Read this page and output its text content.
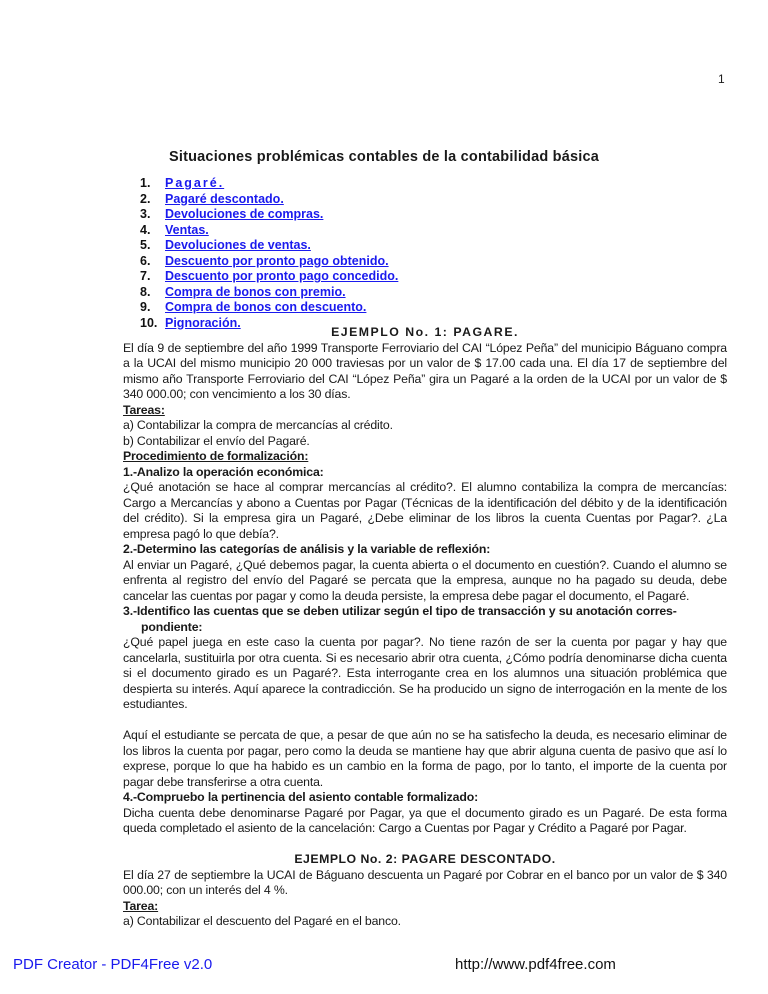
1
Situaciones problémicas contables de la contabilidad básica
1.	Pagaré.
2.	Pagaré descontado.
3.	Devoluciones de compras.
4.	Ventas.
5.	Devoluciones de ventas.
6.	Descuento por pronto pago obtenido.
7.	Descuento por pronto pago concedido.
8.	Compra de bonos con premio.
9.	Compra de bonos con descuento.
10. Pignoración.

EJEMPLO No. 1: PAGARE.

El día 9 de septiembre del año 1999 Transporte Ferroviario del CAI “López Peña” del municipio Báguano compra a la UCAI del mismo municipio 20 000 traviesas por un valor de $ 17.00 cada una. El día 17 de septiembre del mismo año Transporte Ferroviario del CAI “López Peña” gira un Pagaré a la orden de la UCAI por un valor de $ 340 000.00; con vencimiento a los 30 días.

Tareas:

a) Contabilizar la compra de mercancías al crédito.

b) Contabilizar el envío del Pagaré.

Procedimiento de formalización:

1.-Analizo la operación económica:

¿Qué anotación se hace al comprar mercancías al crédito?. El alumno contabiliza la compra de mercancías: Cargo a Mercancías y abono a Cuentas por Pagar (Técnicas de la identificación del débito y de la identificación del crédito). Si la empresa gira un Pagaré, ¿Debe eliminar de los libros la cuenta Cuentas por Pagar?. ¿La empresa pagó lo que debía?.

2.-Determino las categorías de análisis y la variable de reflexión:

Al enviar un Pagaré, ¿Qué debemos pagar, la cuenta abierta o el documento en cuestión?. Cuando el alumno se enfrenta al registro del envío del Pagaré se percata que la empresa, aunque no ha pagado su deuda, debe cancelar las cuentas por pagar y como la deuda persiste, la empresa debe pagar el documento, el Pagaré.

3.-Identifico las cuentas que se deben utilizar según el tipo de transacción y su anotación corres-

pondiente:

¿Qué papel juega en este caso la cuenta por pagar?. No tiene razón de ser la cuenta por pagar y hay que cancelarla, sustituirla por otra cuenta. Si es necesario abrir otra cuenta, ¿Cómo podría denominarse dicha cuenta si el documento girado es un Pagaré?. Esta interrogante crea en los alumnos una situación problémica que despierta su interés. Aquí aparece la contradicción. Se ha producido un signo de interrogación en la mente de los estudiantes.

Aquí el estudiante se percata de que, a pesar de que aún no se ha satisfecho la deuda, es necesario eliminar de los libros la cuenta por pagar, pero como la deuda se mantiene hay que abrir alguna cuenta de pasivo que así lo exprese, porque lo que ha habido es un cambio en la forma de pago, por lo tanto, el importe de la cuenta por pagar debe transferirse a otra cuenta.

4.-Compruebo la pertinencia del asiento contable formalizado:

Dicha cuenta debe denominarse Pagaré por Pagar, ya que el documento girado es un Pagaré. De esta forma queda completado el asiento de la cancelación: Cargo a Cuentas por Pagar y Crédito a Pagaré por Pagar.

EJEMPLO No. 2: PAGARE DESCONTADO.

El día 27 de septiembre la UCAI de Báguano descuenta un Pagaré por Cobrar en el banco por un valor de $ 340 000.00; con un interés del 4 %.

Tarea:

a) Contabilizar el descuento del Pagaré en el banco.

PDF Creator - PDF4Free v2.0	http://www.pdf4free.com
